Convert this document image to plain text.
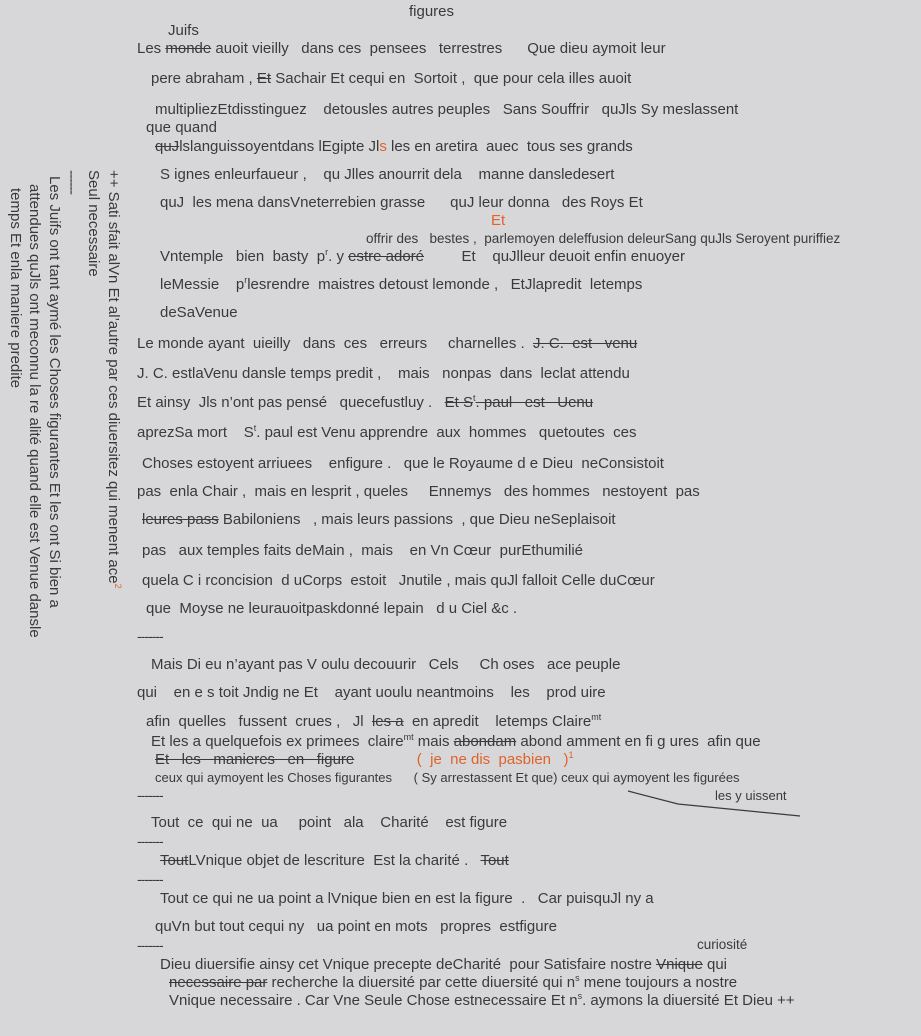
figures
Juifs

Les monde auoit vieilly   dans ces  pensees   terrestres      Que dieu aymoit leur

pere abraham , Et Sachair Et cequi en  Sortoit ,  que pour cela illes auoit

multipliezEtdisstinguez    detousles autres peuples   Sans Souffrir   quJls Sy meslassent

que quand

quJlslanguissoyentdans lEgipte Jls les en aretira  auec  tous ses grands

S ignes enleurfaueur ,    qu Jlles anourrit dela    manne dansledesert

quJ  les mena dansVneterrebien grasse      quJ leur donna   des Roys Et

Et

offrir des   bestes ,  parlemoyen deleffusion deleurSang quJls Seroyent puriffiez

Vntemple   bien  basty  $p^r$. y estre adoré         Et    quJlleur deuoit enfin enuoyer

leMessie    $p^rlesrendre$  maistres detoust lemonde ,   EtJlapredit  letemps

deSaVenue

Le monde ayant  uieilly   dans  ces   erreurs     charnelles .  J. C.  est   venu

J. C. estlaVenu dansle temps predit ,    mais   nonpas  dans  leclat attendu

Et ainsy  Jls n’ont pas pensé   quecefustluy .   Et $S^t$. paul   est   Uenu

aprezSa mort    $S^t$. paul est Venu apprendre  aux  hommes   quetoutes  ces

Choses estoyent arriuees    enfigure .   que le Royaume d e Dieu  neConsistoit

pas  enla Chair ,  mais en lesprit , queles     Ennemys   des hommes   nestoyent  pas

leures pass Babiloniens   , mais leurs passions  , que Dieu neSeplaisoit

pas   aux temples faits deMain ,  mais    en Vn Cœur  purEthumilié

quela C i rconcision  d uCorps  estoit   Jnutile , mais quJl falloit Celle duCœur

que  Moyse ne leurauoitpaskdonné lepain   d u Ciel &c .

-------

Mais Di eu n’ayant pas V oulu decouurir   Cels     Ch oses   ace peuple

qui    en e s toit Jndig ne Et    ayant uoulu neantmoins    les    prod uire

afin  quelles   fussent  crues ,   Jl  les a  en apredit    letemps Claire$^{mt}$

Et les a quelquefois ex primees  claire$^{mt}$ mais abondam abond amment en fi g ures  afin que

Et   les   manieres   en   figure	(  je  ne dis  pasbien   )$^1$

ceux qui aymoyent les Choses figurantes      ( Sy arrestassent Et que) ceux qui aymoyent les figurées

les y uissent

-------

Tout  ce  qui ne  ua     point   ala    Charité    est figure

-------

ToutLVnique objet de lescriture  Est la charité .   Tout

-------

Tout ce qui ne ua point a lVnique bien en est la figure  .   Car puisquJl ny a

quVn but tout cequi ny   ua point en mots   propres  estfigure

curiosité

-------

Dieu diuersifie ainsy cet Vnique precepte deCharité  pour Satisfaire nostre Vnique qui

necessaire par recherche la diuersité par cette diuersité qui $n^s$ mene toujours a nostre

Vnique necessaire . Car Vne Seule Chose estnecessaire Et $n^s$. aymons la diuersité Et Dieu ++

++ Sati sfait alVn Et al’autre par ces diuersitez qui menent ace$^2$
Seul necessaire
------
Les Juifs ont tant aymé les Choses figurantes Et les ont Si bien a
attendues quJls ont meconnu la re alité quand elle est Venue dansle
temps Et enla maniere predite
